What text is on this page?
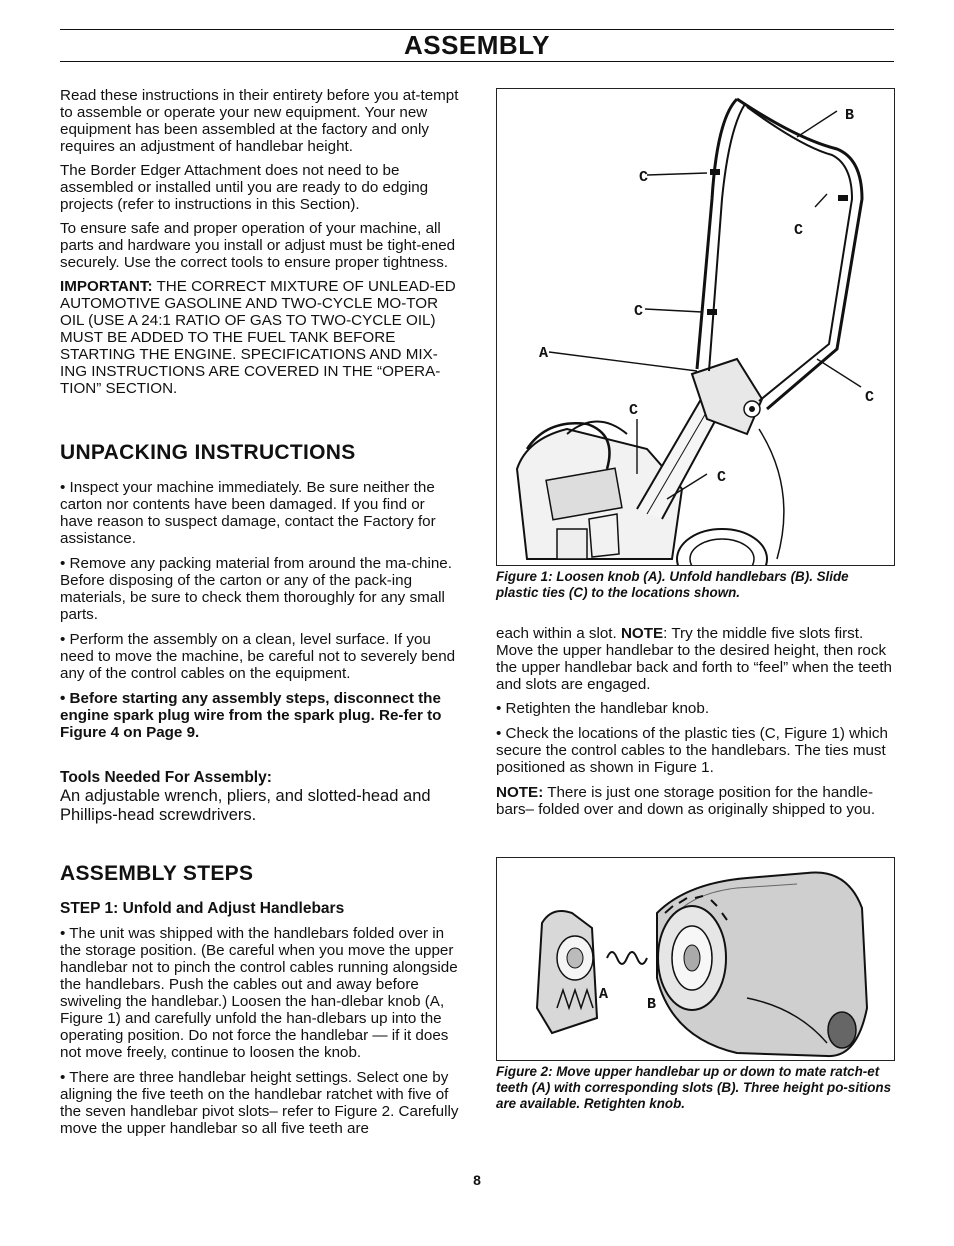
ASSEMBLY

Read these instructions in their entirety before you at-tempt to assemble or operate your new equipment. Your new equipment has been assembled at the factory and only requires an adjustment of handlebar height.

The Border Edger Attachment does not need to be assembled or installed until you are ready to do edging projects (refer to instructions in this Section).

To ensure safe and proper operation of your machine, all parts and hardware you install or adjust must be tight-ened securely. Use the correct tools to ensure proper tightness.

IMPORTANT: THE CORRECT MIXTURE OF UNLEAD-ED AUTOMOTIVE GASOLINE AND TWO-CYCLE MO-TOR OIL (USE A 24:1 RATIO OF GAS TO TWO-CYCLE OIL) MUST BE ADDED TO THE FUEL TANK BEFORE STARTING THE ENGINE. SPECIFICATIONS AND MIX-ING INSTRUCTIONS ARE COVERED IN THE “OPERA-TION” SECTION.

UNPACKING INSTRUCTIONS

• Inspect your machine immediately. Be sure neither the carton nor contents have been damaged. If you find or have reason to suspect damage, contact the Factory for assistance.

• Remove any packing material from around the ma-chine. Before disposing of the carton or any of the pack-ing materials, be sure to check them thoroughly for any small parts.

• Perform the assembly on a clean, level surface. If you need to move the machine, be careful not to severely bend any of the control cables on the equipment.

• Before starting any assembly steps, disconnect the engine spark plug wire from the spark plug. Re-fer to Figure 4 on Page 9.

Tools Needed For Assembly:
An adjustable wrench, pliers, and slotted-head and Phillips-head screwdrivers.
ASSEMBLY STEPS
STEP 1: Unfold and Adjust Handlebars

• The unit was shipped with the handlebars folded over in the storage position. (Be careful when you move the upper handlebar not to pinch the control cables running alongside the handlebars. Push the cables out and away before swiveling the handlebar.) Loosen the han-dlebar knob (A, Figure 1) and carefully unfold the han-dlebars up into the operating position. Do not force the handlebar — if it does not move freely, continue to loosen the knob.

• There are three handlebar height settings. Select one by aligning the five teeth on the handlebar ratchet with five of the seven handlebar pivot slots– refer to Figure 2. Carefully move the upper handlebar so all five teeth are

B
C
C
C
A
C
C
C
Figure 1: Loosen knob (A). Unfold handlebars (B). Slide plastic ties (C) to the locations shown.

each within a slot. NOTE: Try the middle five slots first. Move the upper handlebar to the desired height, then rock the upper handlebar back and forth to “feel” when the teeth and slots are engaged.

• Retighten the handlebar knob.

• Check the locations of the plastic ties (C, Figure 1) which secure the control cables to the handlebars. The ties must positioned as shown in Figure 1.

NOTE: There is just one storage position for the handle-bars– folded over and down as originally shipped to you.

A
B
Figure 2: Move upper handlebar up or down to mate ratch-et teeth (A) with corresponding slots (B). Three height po-sitions are available. Retighten knob.
8
